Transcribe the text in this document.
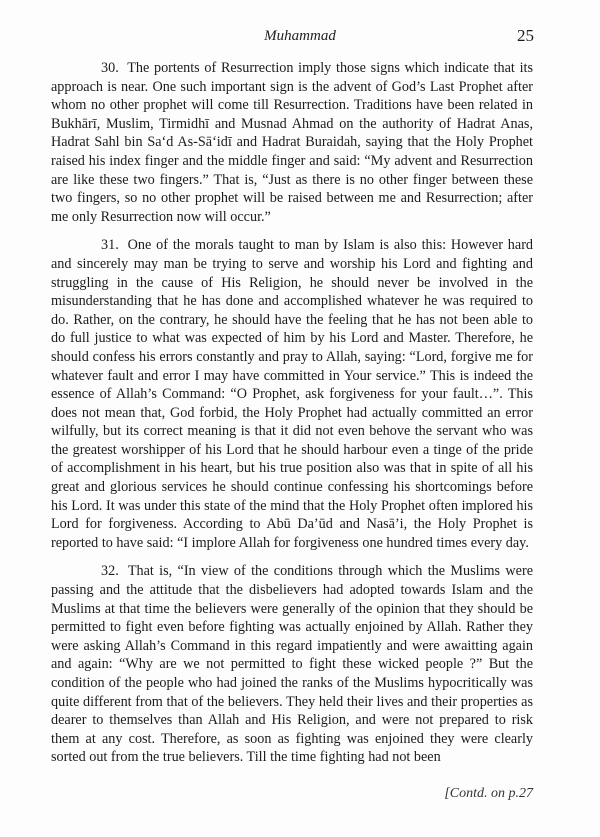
Muhammad	25

30. The portents of Resurrection imply those signs which indicate that its approach is near. One such important sign is the advent of God’s Last Prophet after whom no other prophet will come till Resurrection. Traditions have been related in Bukhārī, Muslim, Tirmidhī and Musnad Ahmad on the authority of Hadrat Anas, Hadrat Sahl bin Sa‘d As-Sā‘idī and Hadrat Buraidah, saying that the Holy Prophet raised his index finger and the middle finger and said: “My advent and Resurrection are like these two fingers.” That is, “Just as there is no other finger between these two fingers, so no other prophet will be raised between me and Resurrection; after me only Resurrection now will occur.”

31. One of the morals taught to man by Islam is also this: However hard and sincerely may man be trying to serve and worship his Lord and fighting and struggling in the cause of His Religion, he should never be involved in the misunderstanding that he has done and accomplished whatever he was required to do. Rather, on the contrary, he should have the feeling that he has not been able to do full justice to what was expected of him by his Lord and Master. Therefore, he should confess his errors constantly and pray to Allah, saying: “Lord, forgive me for whatever fault and error I may have committed in Your service.” This is indeed the essence of Allah’s Command: “O Prophet, ask forgiveness for your fault…”. This does not mean that, God forbid, the Holy Prophet had actually committed an error wilfully, but its correct meaning is that it did not even behove the servant who was the greatest worshipper of his Lord that he should harbour even a tinge of the pride of accomplishment in his heart, but his true position also was that in spite of all his great and glorious services he should continue confessing his shortcomings before his Lord. It was under this state of the mind that the Holy Prophet often implored his Lord for forgiveness. According to Abū Da’ūd and Nasā’i, the Holy Prophet is reported to have said: “I implore Allah for forgiveness one hundred times every day.

32. That is, “In view of the conditions through which the Muslims were passing and the attitude that the disbelievers had adopted towards Islam and the Muslims at that time the believers were generally of the opinion that they should be permitted to fight even before fighting was actually enjoined by Allah. Rather they were asking Allah’s Command in this regard impatiently and were awaitting again and again: “Why are we not permitted to fight these wicked people ?” But the condition of the people who had joined the ranks of the Muslims hypocritically was quite different from that of the believers. They held their lives and their properties as dearer to themselves than Allah and His Religion, and were not prepared to risk them at any cost. Therefore, as soon as fighting was enjoined they were clearly sorted out from the true believers. Till the time fighting had not been

[Contd. on p.27
